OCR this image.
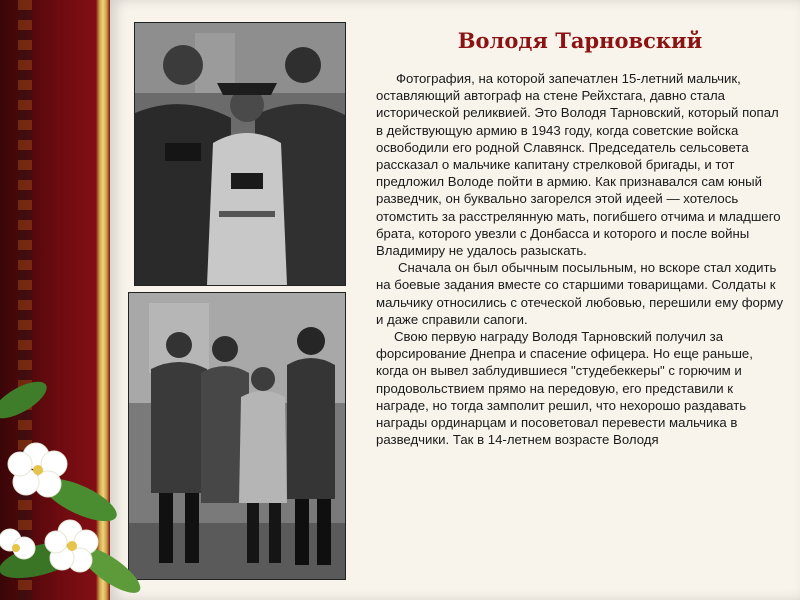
Володя Тарновский

Фотография, на которой запечатлен 15-летний мальчик, оставляющий автограф на стене Рейхстага, давно стала исторической реликвией. Это Володя Тарновский, который попал в действующую армию в 1943 году, когда советские войска освободили его родной Славянск. Председатель сельсовета рассказал о мальчике капитану стрелковой бригады, и тот предложил Володе пойти в армию. Как признавался сам юный разведчик, он буквально загорелся этой идеей — хотелось отомстить за расстрелянную мать, погибшего отчима и младшего брата, которого увезли с Донбасса и которого и после войны Владимиру не удалось разыскать.

Сначала он был обычным посыльным, но вскоре стал ходить на боевые задания вместе со старшими товарищами. Солдаты к мальчику относились с отеческой любовью, перешили ему форму и даже справили сапоги.

Свою первую награду Володя Тарновский получил за форсирование Днепра и спасение офицера. Но еще раньше, когда он вывел заблудившиеся "студебеккеры" с горючим и продовольствием прямо на передовую, его представили к награде, но тогда замполит решил, что нехорошо раздавать награды ординарцам и посоветовал перевести мальчика в разведчики. Так в 14-летнем возрасте Володя
